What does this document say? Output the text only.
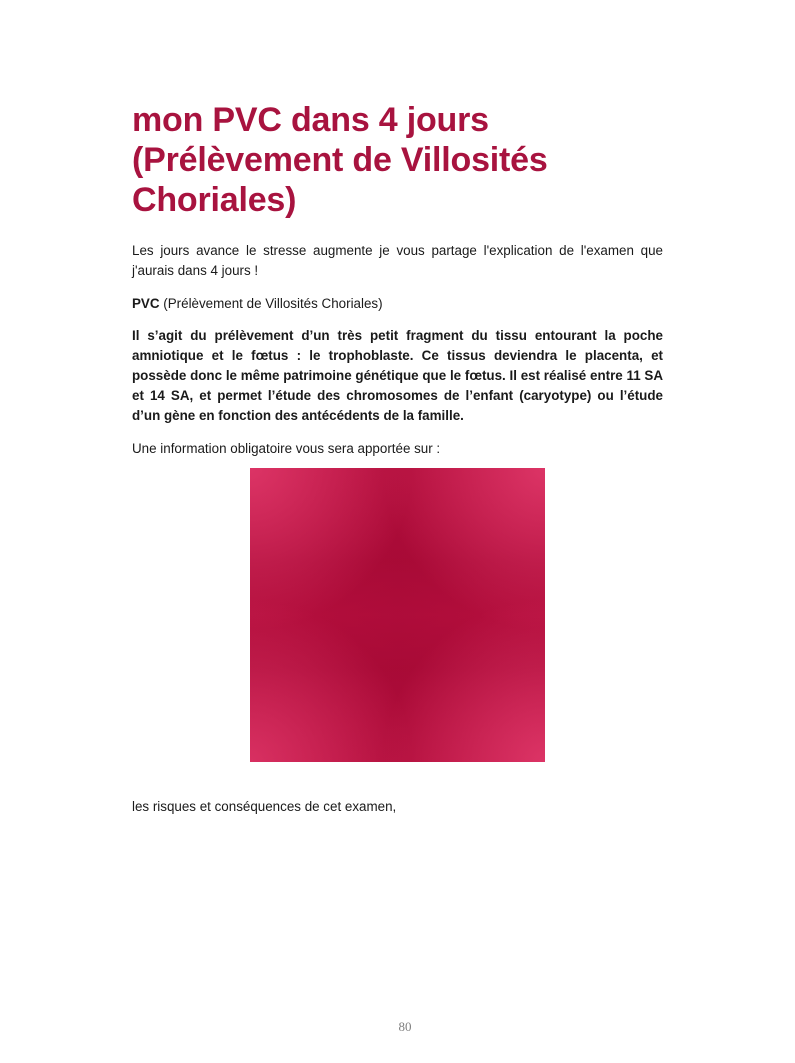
mon PVC dans 4 jours (Prélèvement de Villosités Choriales)

Les jours avance le stresse augmente je vous partage l'explication de l'examen que j'aurais dans 4 jours !

PVC (Prélèvement de Villosités Choriales)

Il s’agit du prélèvement d’un très petit fragment du tissu entourant la poche amniotique et le fœtus : le trophoblaste. Ce tissus deviendra le placenta, et possède donc le même patrimoine génétique que le fœtus. Il est réalisé entre 11 SA et 14 SA, et permet l’étude des chromosomes de l’enfant (caryotype) ou l’étude d’un gène en fonction des antécédents de la famille.

Une information obligatoire vous sera apportée sur :

les risques et conséquences de cet examen,

80
